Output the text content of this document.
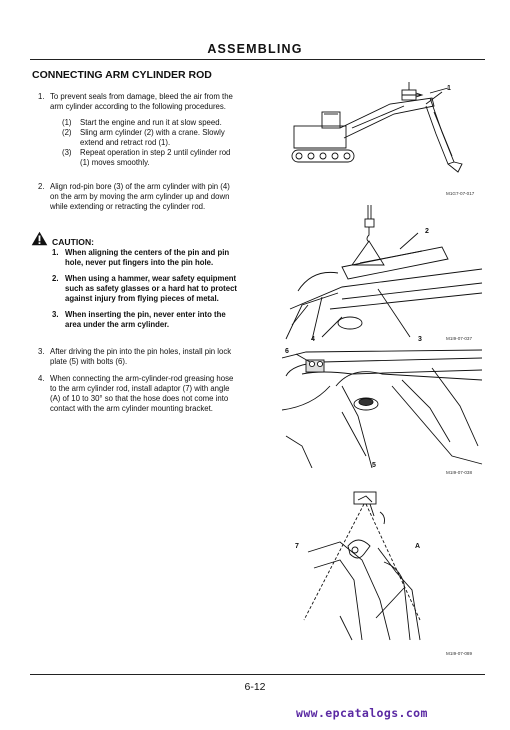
ASSEMBLING
CONNECTING ARM CYLINDER ROD
1. To prevent seals from damage, bleed the air from the
arm cylinder according to the following procedures.
(1) Start the engine and run it at slow speed.
(2) Sling arm cylinder (2) with a crane. Slowly
extend and retract rod (1).
(3) Repeat operation in step 2 until cylinder rod
(1) moves smoothly.
2. Align rod-pin bore (3) of the arm cylinder with pin (4)
on the arm by moving the arm cylinder up and down
while extending or retracting the cylinder rod.
CAUTION:
1. When aligning the centers of the pin and pin
hole, never put fingers into the pin hole.
2. When using a hammer, wear safety equipment
such as safety glasses or a hard hat to protect
against injury from flying pieces of metal.
3. When inserting the pin, never enter into the
area under the arm cylinder.
3. After driving the pin into the pin holes, install pin lock
plate (5) with bolts (6).
4. When connecting the arm-cylinder-rod greasing hose
to the arm cylinder rod, install adaptor (7) with angle
(A) of 10 to 30° so that the hose does not come into
contact with the arm cylinder mounting bracket.
1
M1G7-07-017
2
3
4	M1I9-07-037
6
5
M1I9-07-038
7	A
M1I9-07-089
6-12
www.epcatalogs.com
